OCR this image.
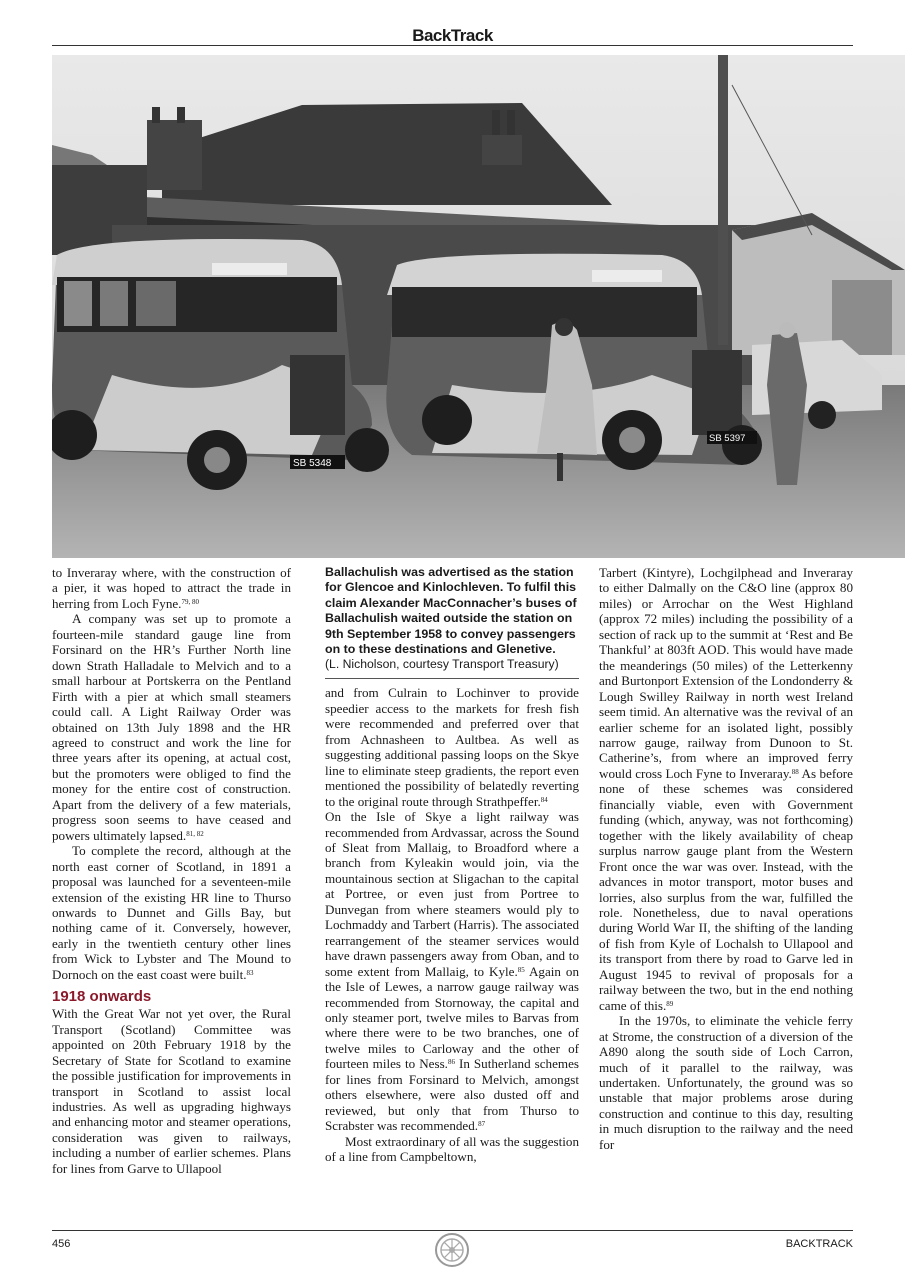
BackTrack
SB 5348
SB 5397

to Inveraray where, with the construction of a pier, it was hoped to attract the trade in herring from Loch Fyne.$^{79, 80}$

A company was set up to promote a fourteen-mile standard gauge line from Forsinard on the HR’s Further North line down Strath Halladale to Melvich and to a small harbour at Portskerra on the Pentland Firth with a pier at which small steamers could call. A Light Railway Order was obtained on 13th July 1898 and the HR agreed to construct and work the line for three years after its opening, at actual cost, but the promoters were obliged to find the money for the entire cost of construction. Apart from the delivery of a few materials, progress soon seems to have ceased and powers ultimately lapsed.$^{81, 82}$

To complete the record, although at the north east corner of Scotland, in 1891 a proposal was launched for a seventeen-mile extension of the existing HR line to Thurso onwards to Dunnet and Gills Bay, but nothing came of it. Conversely, however, early in the twentieth century other lines from Wick to Lybster and The Mound to Dornoch on the east coast were built.$^{83}$

1918 onwards

With the Great War not yet over, the Rural Transport (Scotland) Committee was appointed on 20th February 1918 by the Secretary of State for Scotland to examine the possible justification for improvements in transport in Scotland to assist local industries. As well as upgrading highways and enhancing motor and steamer operations, consideration was given to railways, including a number of earlier schemes. Plans for lines from Garve to Ullapool

Ballachulish was advertised as the station for Glencoe and Kinlochleven. To fulfil this claim Alexander MacConnacher’s buses of Ballachulish waited outside the station on 9th September 1958 to convey passengers on to these destinations and Glenetive.
(L. Nicholson, courtesy Transport Treasury)

and from Culrain to Lochinver to provide speedier access to the markets for fresh fish were recommended and preferred over that from Achnasheen to Aultbea. As well as suggesting additional passing loops on the Skye line to eliminate steep gradients, the report even mentioned the possibility of belatedly reverting to the original route through Strathpeffer.$^{84}$

On the Isle of Skye a light railway was recommended from Ardvassar, across the Sound of Sleat from Mallaig, to Broadford where a branch from Kyleakin would join, via the mountainous section at Sligachan to the capital at Portree, or even just from Portree to Dunvegan from where steamers would ply to Lochmaddy and Tarbert (Harris). The associated rearrangement of the steamer services would have drawn passengers away from Oban, and to some extent from Mallaig, to Kyle.$^{85}$ Again on the Isle of Lewes, a narrow gauge railway was recommended from Stornoway, the capital and only steamer port, twelve miles to Barvas from where there were to be two branches, one of twelve miles to Carloway and the other of fourteen miles to Ness.$^{86}$ In Sutherland schemes for lines from Forsinard to Melvich, amongst others elsewhere, were also dusted off and reviewed, but only that from Thurso to Scrabster was recommended.$^{87}$

Most extraordinary of all was the suggestion of a line from Campbeltown,

Tarbert (Kintyre), Lochgilphead and Inveraray to either Dalmally on the C&O line (approx 80 miles) or Arrochar on the West Highland (approx 72 miles) including the possibility of a section of rack up to the summit at ‘Rest and Be Thankful’ at 803ft AOD. This would have made the meanderings (50 miles) of the Letterkenny and Burtonport Extension of the Londonderry & Lough Swilley Railway in north west Ireland seem timid. An alternative was the revival of an earlier scheme for an isolated light, possibly narrow gauge, railway from Dunoon to St. Catherine’s, from where an improved ferry would cross Loch Fyne to Inveraray.$^{88}$ As before none of these schemes was considered financially viable, even with Government funding (which, anyway, was not forthcoming) together with the likely availability of cheap surplus narrow gauge plant from the Western Front once the war was over. Instead, with the advances in motor transport, motor buses and lorries, also surplus from the war, fulfilled the role. Nonetheless, due to naval operations during World War II, the shifting of the landing of fish from Kyle of Lochalsh to Ullapool and its transport from there by road to Garve led in August 1945 to revival of proposals for a railway between the two, but in the end nothing came of this.$^{89}$

In the 1970s, to eliminate the vehicle ferry at Strome, the construction of a diversion of the A890 along the south side of Loch Carron, much of it parallel to the railway, was undertaken. Unfortunately, the ground was so unstable that major problems arose during construction and continue to this day, resulting in much disruption to the railway and the need for

456	BACKTRACK
